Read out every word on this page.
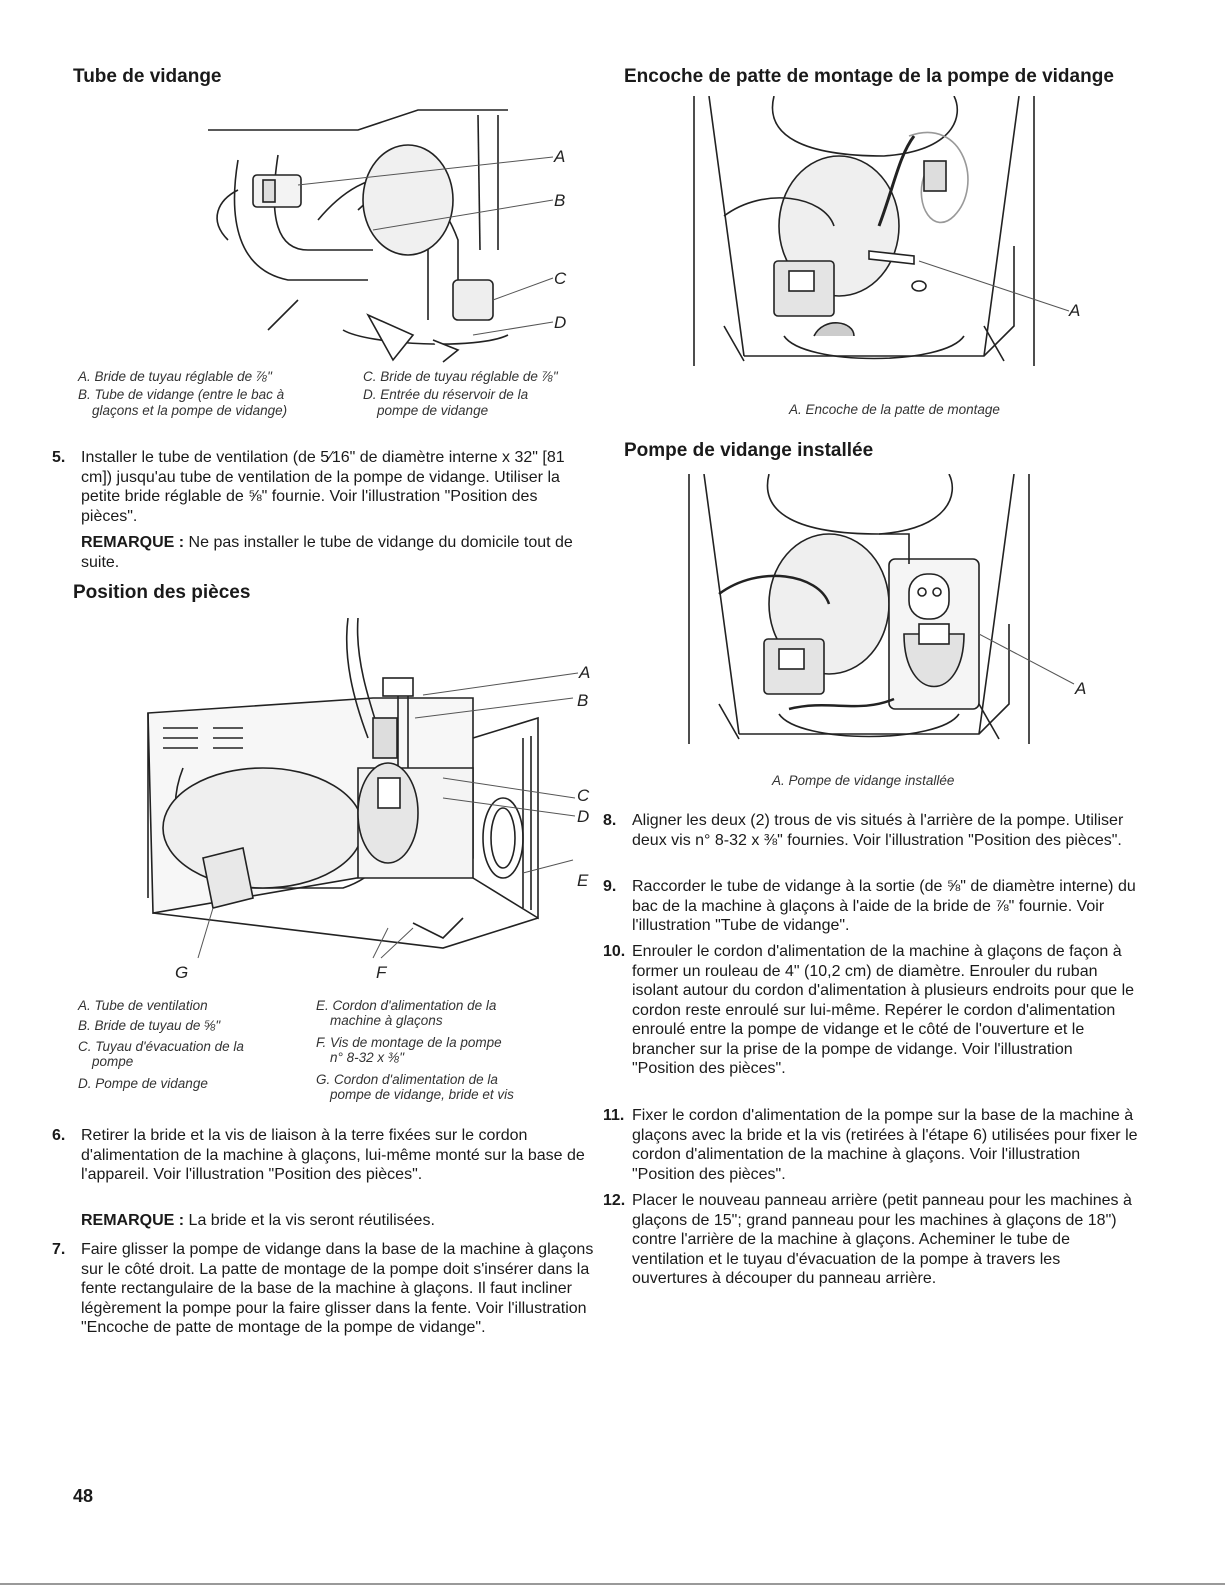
Tube de vidange
A
B
C
D
A. Bride de tuyau réglable de ⅞"
B. Tube de vidange (entre le bac à
glaçons et la pompe de vidange)
C. Bride de tuyau réglable de ⅞"
D. Entrée du réservoir de la
pompe de vidange
5. Installer le tube de ventilation (de 5⁄16" de diamètre interne x 32" [81 cm]) jusqu'au tube de ventilation de la pompe de vidange. Utiliser la petite bride réglable de ⅝" fournie. Voir l'illustration "Position des pièces".
REMARQUE : Ne pas installer le tube de vidange du domicile tout de suite.
Position des pièces
A
B
C
D
E
G	F
A. Tube de ventilation
B. Bride de tuyau de ⅝"
C. Tuyau d'évacuation de la
pompe
D. Pompe de vidange
E. Cordon d'alimentation de la
machine à glaçons
F. Vis de montage de la pompe
n° 8-32 x ⅜"
G. Cordon d'alimentation de la
pompe de vidange, bride et vis
6. Retirer la bride et la vis de liaison à la terre fixées sur le cordon d'alimentation de la machine à glaçons, lui-même monté sur la base de l'appareil. Voir l'illustration "Position des pièces".
REMARQUE : La bride et la vis seront réutilisées.
7. Faire glisser la pompe de vidange dans la base de la machine à glaçons sur le côté droit. La patte de montage de la pompe doit s'insérer dans la fente rectangulaire de la base de la machine à glaçons. Il faut incliner légèrement la pompe pour la faire glisser dans la fente. Voir l'illustration "Encoche de patte de montage de la pompe de vidange".
Encoche de patte de montage de la pompe de vidange
A
A. Encoche de la patte de montage
Pompe de vidange installée
A
A. Pompe de vidange installée
8. Aligner les deux (2) trous de vis situés à l'arrière de la pompe. Utiliser deux vis n° 8-32 x ⅜" fournies. Voir l'illustration "Position des pièces".
9. Raccorder le tube de vidange à la sortie (de ⅝" de diamètre interne) du bac de la machine à glaçons à l'aide de la bride de ⅞" fournie. Voir l'illustration "Tube de vidange".
10. Enrouler le cordon d'alimentation de la machine à glaçons de façon à former un rouleau de 4" (10,2 cm) de diamètre. Enrouler du ruban isolant autour du cordon d'alimentation à plusieurs endroits pour que le cordon reste enroulé sur lui-même. Repérer le cordon d'alimentation enroulé entre la pompe de vidange et le côté de l'ouverture et le brancher sur la prise de la pompe de vidange. Voir l'illustration "Position des pièces".
11. Fixer le cordon d'alimentation de la pompe sur la base de la machine à glaçons avec la bride et la vis (retirées à l'étape 6) utilisées pour fixer le cordon d'alimentation de la machine à glaçons. Voir l'illustration "Position des pièces".
12. Placer le nouveau panneau arrière (petit panneau pour les machines à glaçons de 15"; grand panneau pour les machines à glaçons de 18") contre l'arrière de la machine à glaçons. Acheminer le tube de ventilation et le tuyau d'évacuation de la pompe à travers les ouvertures à découper du panneau arrière.
48
